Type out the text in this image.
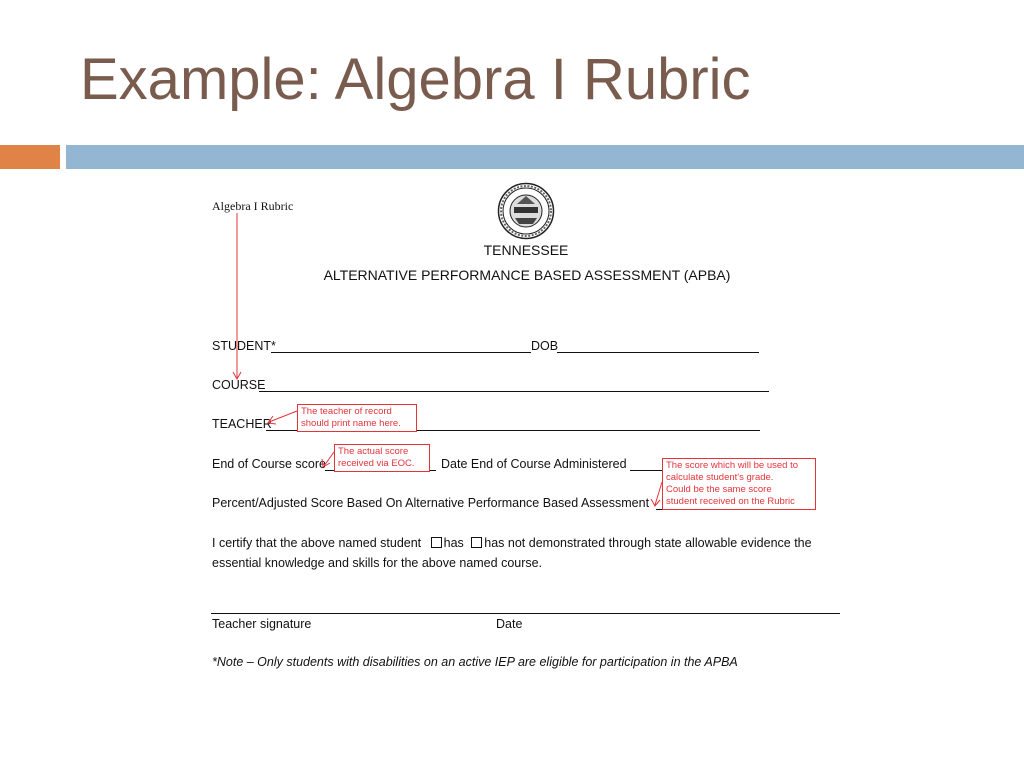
Example: Algebra I Rubric
Algebra I Rubric
TENNESSEE
ALTERNATIVE PERFORMANCE BASED ASSESSMENT (APBA)
STUDENT*	DOB
COURSE
TEACHER
End of Course score	Date End of Course Administered
Percent/Adjusted Score Based On Alternative Performance Based Assessment
I certify that the above named student has has not demonstrated through state allowable evidence the
essential knowledge and skills for the above named course.
Teacher signature	Date
*Note – Only students with disabilities on an active IEP are eligible for participation in the APBA
The teacher of record
should print name here.
The actual score
received via EOC.	The score which will be used to
calculate student's grade.
Could be the same score
student received on the Rubric
